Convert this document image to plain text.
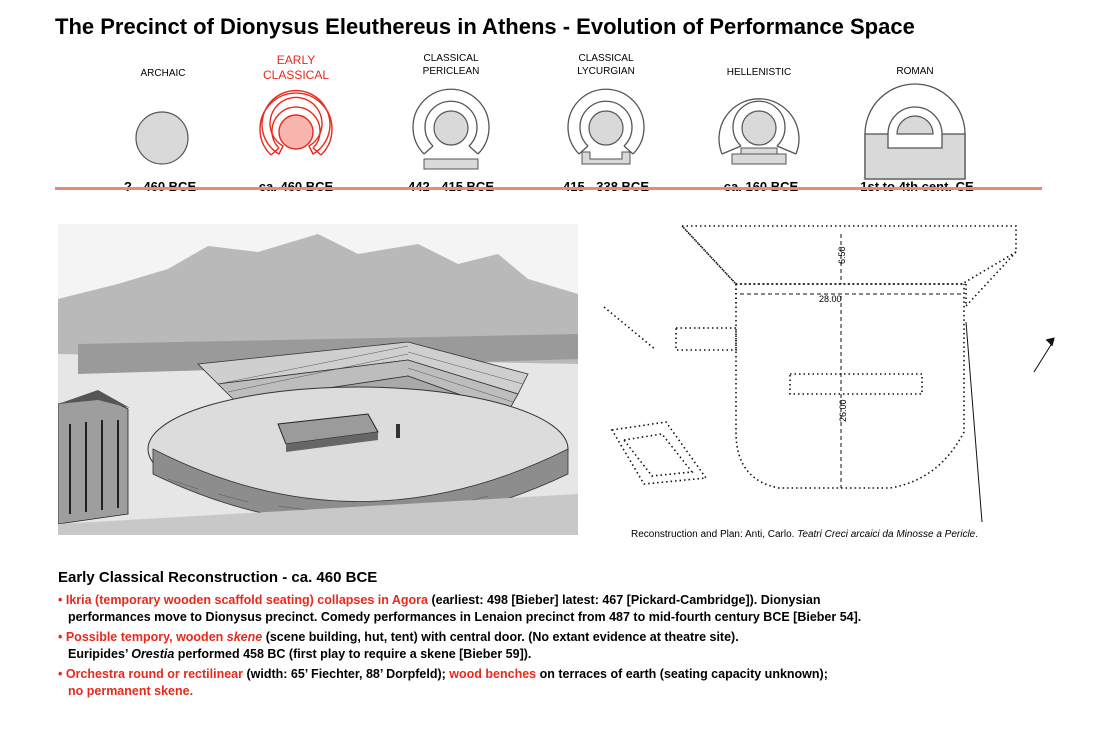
The Precinct of Dionysus Eleuthereus in Athens - Evolution of Performance Space
ARCHAIC
EARLY
CLASSICAL
CLASSICAL
PERICLEAN
CLASSICAL
LYCURGIAN	HELLENISTIC	ROMAN
6.50
28.00
26.00
Reconstruction and Plan: Anti, Carlo. Teatri Creci arcaici da Minosse a Pericle.
Early Classical Reconstruction - ca. 460 BCE
• Ikria (temporary wooden scaffold seating) collapses in Agora (earliest: 498 [Bieber] latest: 467 [Pickard-Cambridge]). Dionysian
performances move to Dionysus precinct. Comedy performances in Lenaion precinct from 487 to mid-fourth century BCE [Bieber 54].
• Possible tempory, wooden skene (scene building, hut, tent) with central door. (No extant evidence at theatre site).
Euripides’ Orestia performed 458 BC (first play to require a skene [Bieber 59]).
• Orchestra round or rectilinear (width: 65’ Fiechter, 88’ Dorpfeld); wood benches on terraces of earth (seating capacity unknown);
no permanent skene.
